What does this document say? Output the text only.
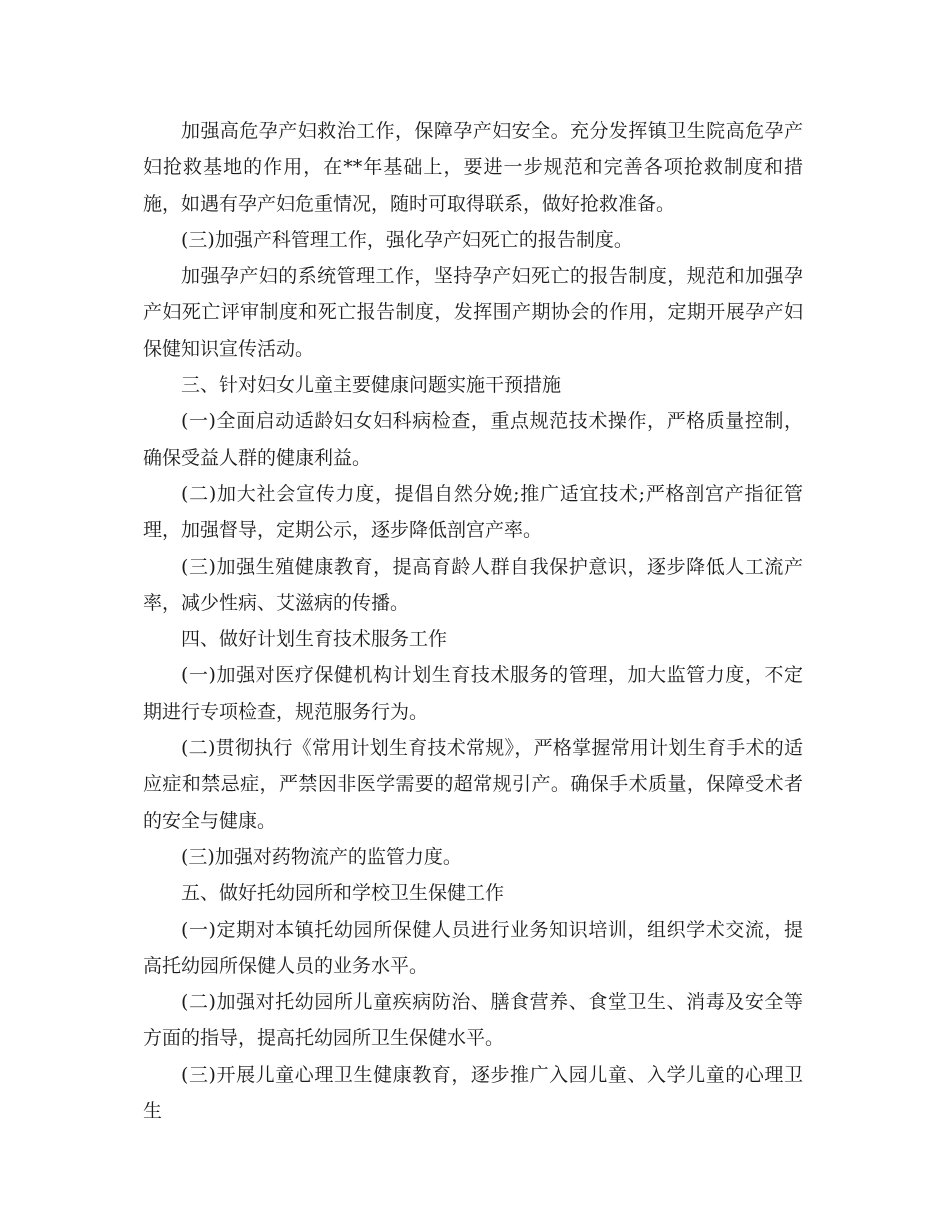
加强高危孕产妇救治工作，保障孕产妇安全。充分发挥镇卫生院高危孕产妇抢救基地的作用，在**年基础上，要进一步规范和完善各项抢救制度和措施，如遇有孕产妇危重情况，随时可取得联系，做好抢救准备。

(三)加强产科管理工作，强化孕产妇死亡的报告制度。

加强孕产妇的系统管理工作，坚持孕产妇死亡的报告制度，规范和加强孕产妇死亡评审制度和死亡报告制度，发挥围产期协会的作用，定期开展孕产妇保健知识宣传活动。

三、针对妇女儿童主要健康问题实施干预措施

(一)全面启动适龄妇女妇科病检查，重点规范技术操作，严格质量控制，确保受益人群的健康利益。

(二)加大社会宣传力度，提倡自然分娩;推广适宜技术;严格剖宫产指征管理，加强督导，定期公示，逐步降低剖宫产率。

(三)加强生殖健康教育，提高育龄人群自我保护意识，逐步降低人工流产率，减少性病、艾滋病的传播。

四、做好计划生育技术服务工作

(一)加强对医疗保健机构计划生育技术服务的管理，加大监管力度，不定期进行专项检查，规范服务行为。

(二)贯彻执行《常用计划生育技术常规》，严格掌握常用计划生育手术的适应症和禁忌症，严禁因非医学需要的超常规引产。确保手术质量，保障受术者的安全与健康。

(三)加强对药物流产的监管力度。

五、做好托幼园所和学校卫生保健工作

(一)定期对本镇托幼园所保健人员进行业务知识培训，组织学术交流，提高托幼园所保健人员的业务水平。

(二)加强对托幼园所儿童疾病防治、膳食营养、食堂卫生、消毒及安全等方面的指导，提高托幼园所卫生保健水平。

(三)开展儿童心理卫生健康教育，逐步推广入园儿童、入学儿童的心理卫生
